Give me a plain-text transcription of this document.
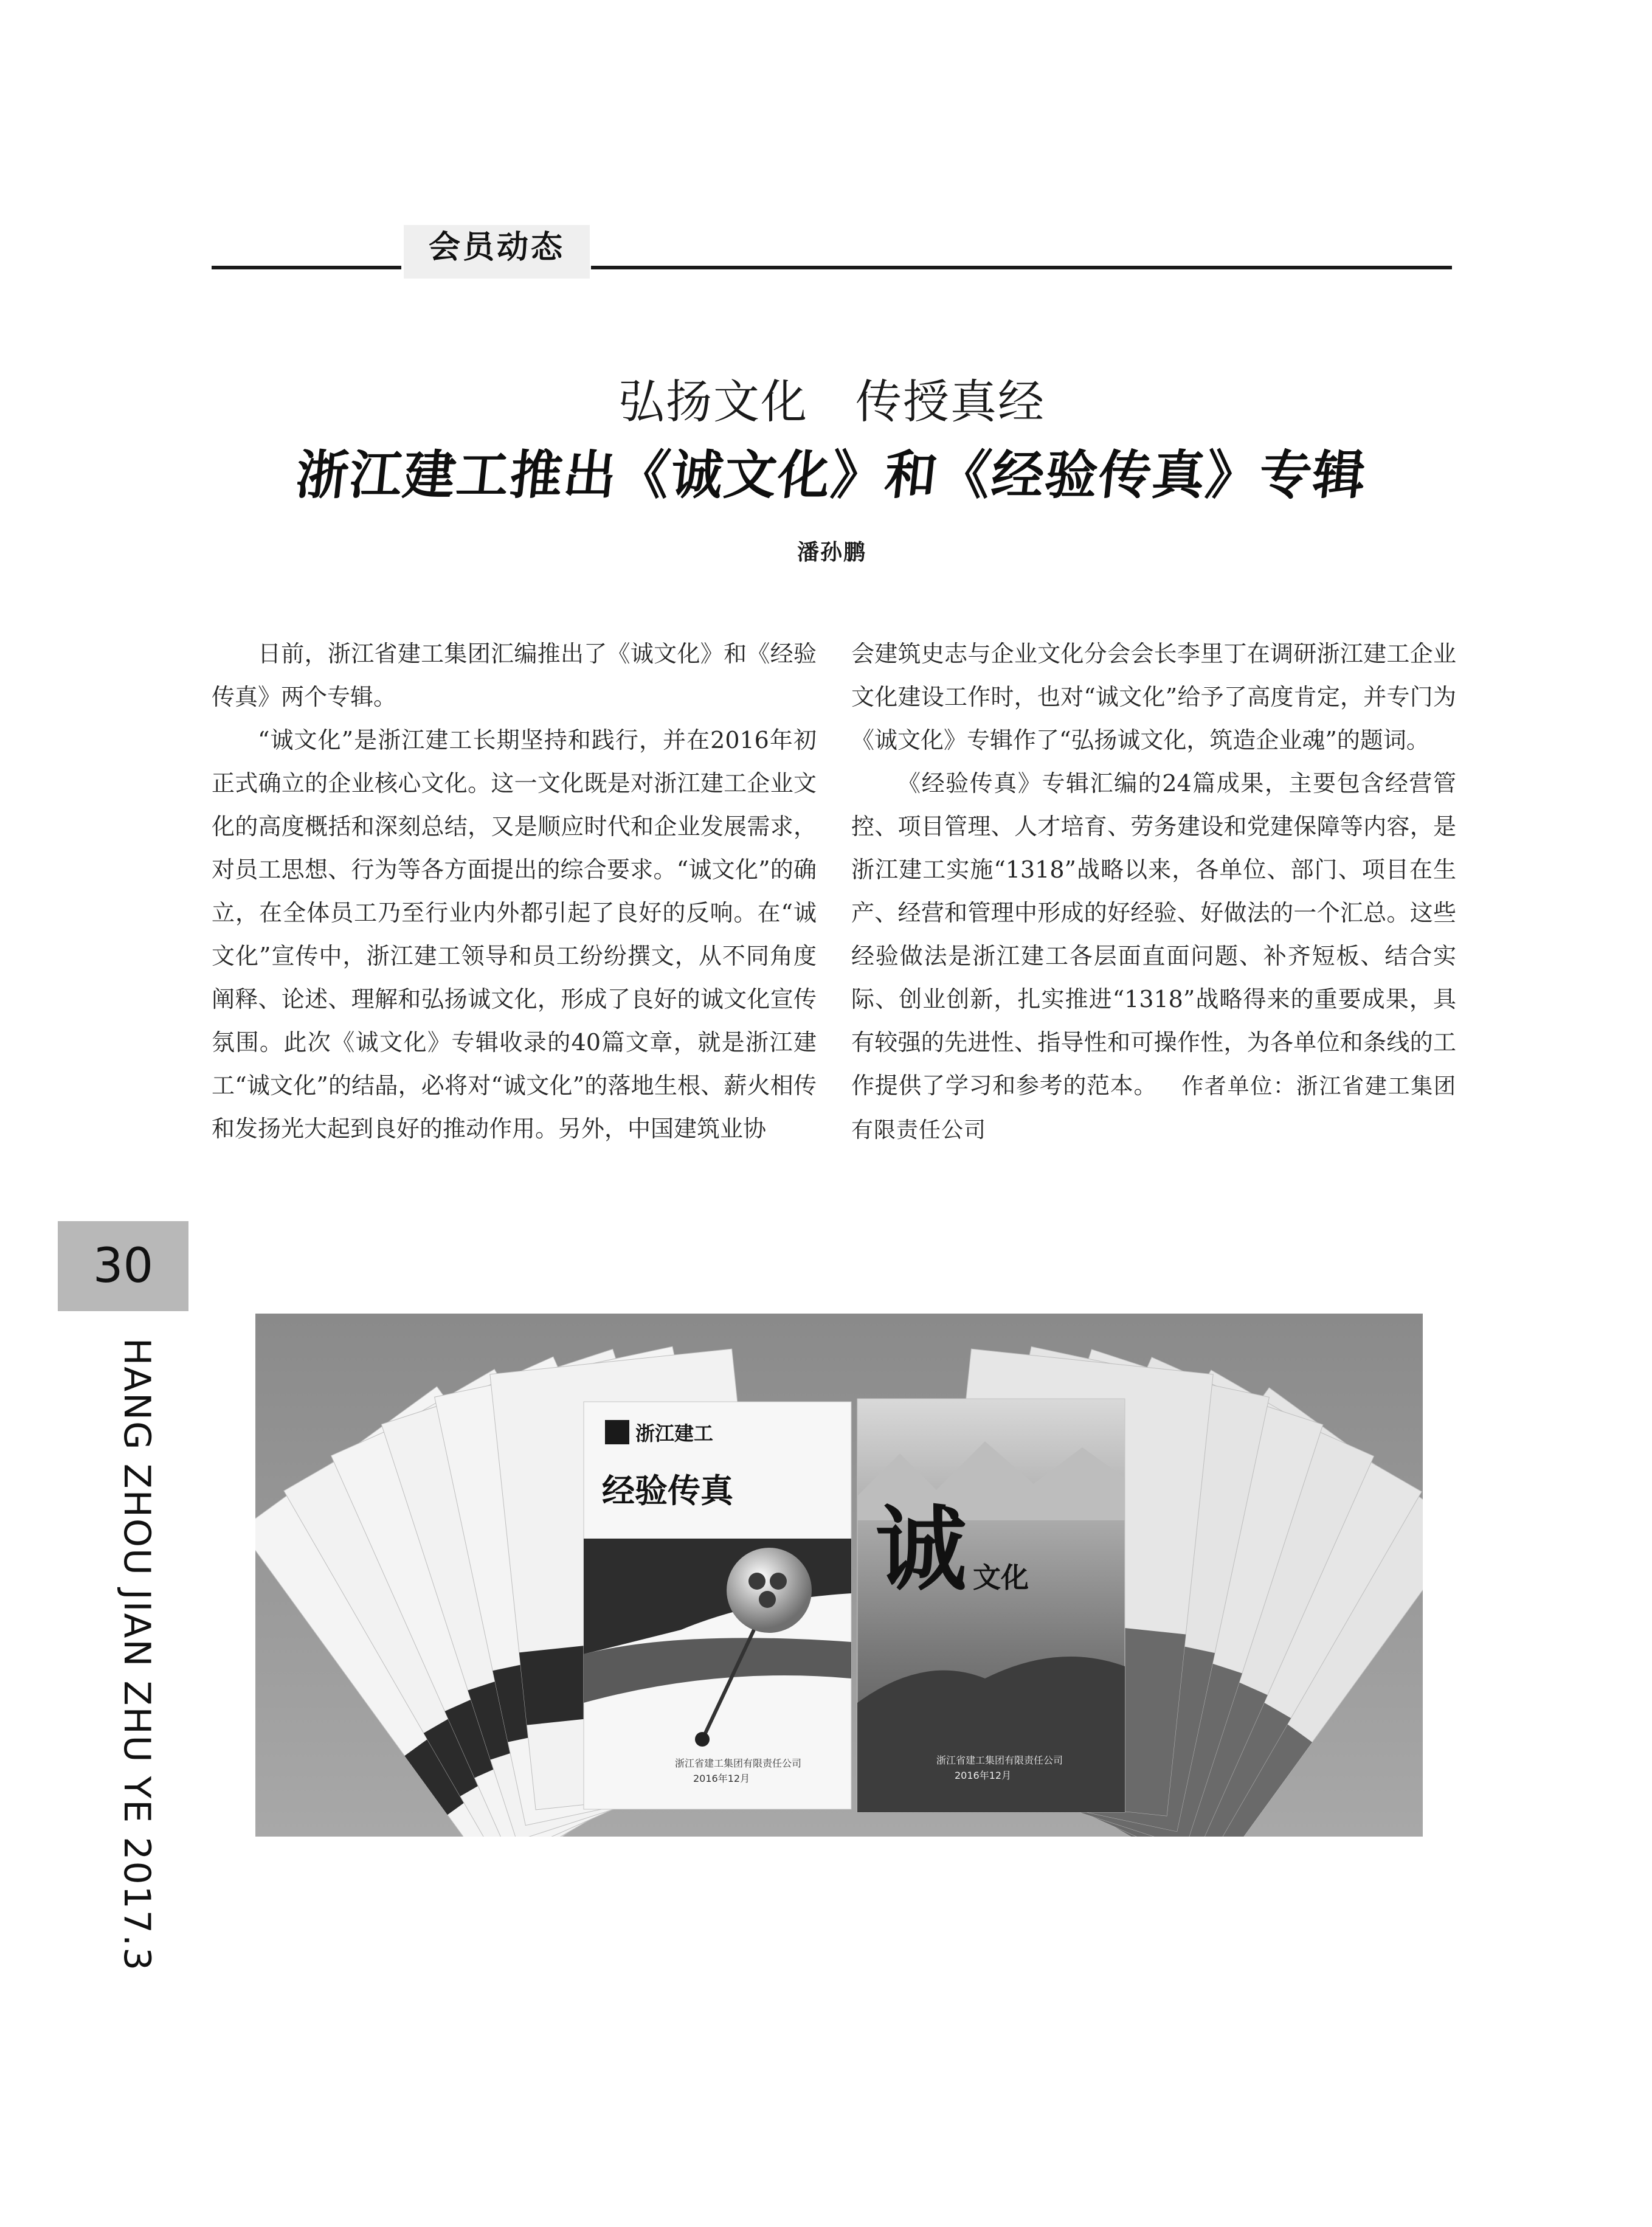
会员动态
弘扬文化　传授真经
浙江建工推出《诚文化》和《经验传真》专辑
潘孙鹏

日前，浙江省建工集团汇编推出了《诚文化》和《经验传真》两个专辑。

“诚文化”是浙江建工长期坚持和践行，并在2016年初正式确立的企业核心文化。这一文化既是对浙江建工企业文化的高度概括和深刻总结，又是顺应时代和企业发展需求，对员工思想、行为等各方面提出的综合要求。“诚文化”的确立，在全体员工乃至行业内外都引起了良好的反响。在“诚文化”宣传中，浙江建工领导和员工纷纷撰文，从不同角度阐释、论述、理解和弘扬诚文化，形成了良好的诚文化宣传氛围。此次《诚文化》专辑收录的40篇文章，就是浙江建工“诚文化”的结晶，必将对“诚文化”的落地生根、薪火相传和发扬光大起到良好的推动作用。另外，中国建筑业协

会建筑史志与企业文化分会会长李里丁在调研浙江建工企业文化建设工作时，也对“诚文化”给予了高度肯定，并专门为《诚文化》专辑作了“弘扬诚文化，筑造企业魂”的题词。

《经验传真》专辑汇编的24篇成果，主要包含经营管控、项目管理、人才培育、劳务建设和党建保障等内容，是浙江建工实施“1318”战略以来，各单位、部门、项目在生产、经营和管理中形成的好经验、好做法的一个汇总。这些经验做法是浙江建工各层面直面问题、补齐短板、结合实际、创业创新，扎实推进“1318”战略得来的重要成果，具有较强的先进性、指导性和可操作性，为各单位和条线的工作提供了学习和参考的范本。 作者单位：浙江省建工集团有限责任公司

30
HANG ZHOU JIAN ZHU YE 2017.3	浙江建工
经验传真
浙江省建工集团有限责任公司
2016年12月
诚 文化
浙江省建工集团有限责任公司
2016年12月
